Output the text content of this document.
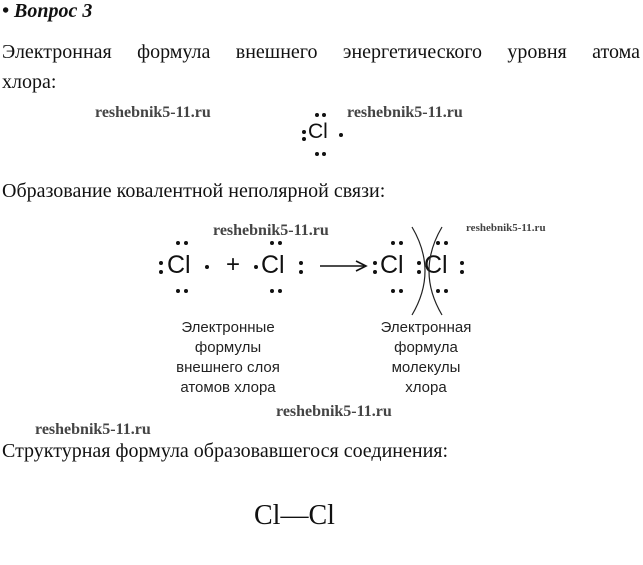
• Вопрос 3
Электронная формула внешнего энергетического уровня атома
хлора:
reshebnik5-11.ru	reshebnik5-11.ru
Cl
Образование ковалентной неполярной связи:
reshebnik5-11.ru	reshebnik5-11.ru
Cl + Cl → Cl Cl
Электронные
формулы
внешнего слоя
атомов хлора
Электронная
формула
молекулы
хлора
reshebnik5-11.ru
reshebnik5-11.ru
Структурная формула образовавшегося соединения:
Cl—Cl
